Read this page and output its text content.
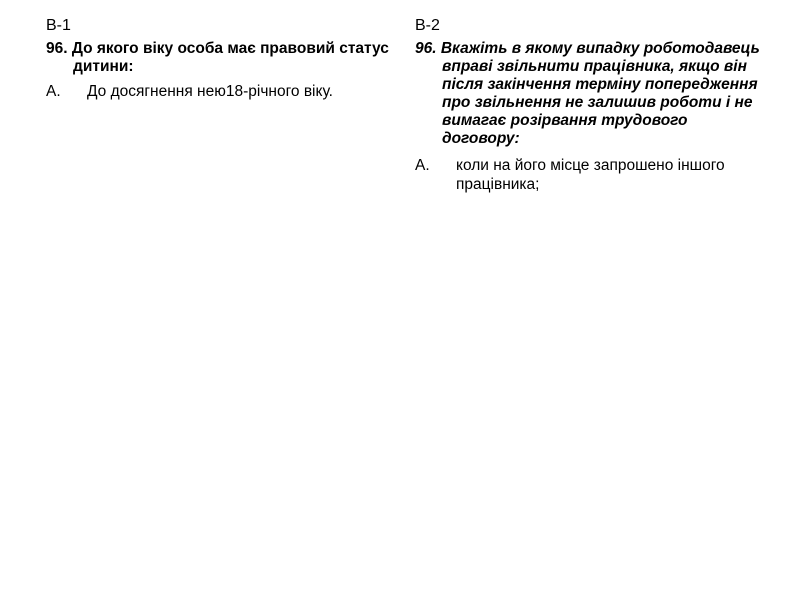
В-1
96. До якого віку особа має правовий статус дитини:
А.	До досягнення нею18-річного віку.
В-2
96. Вкажіть в якому випадку роботодавець вправі звільнити працівника, якщо він після закінчення терміну попередження про звільнення не залишив роботи і не вимагає розірвання трудового договору:
А.	коли на його місце запрошено іншого працівника;
